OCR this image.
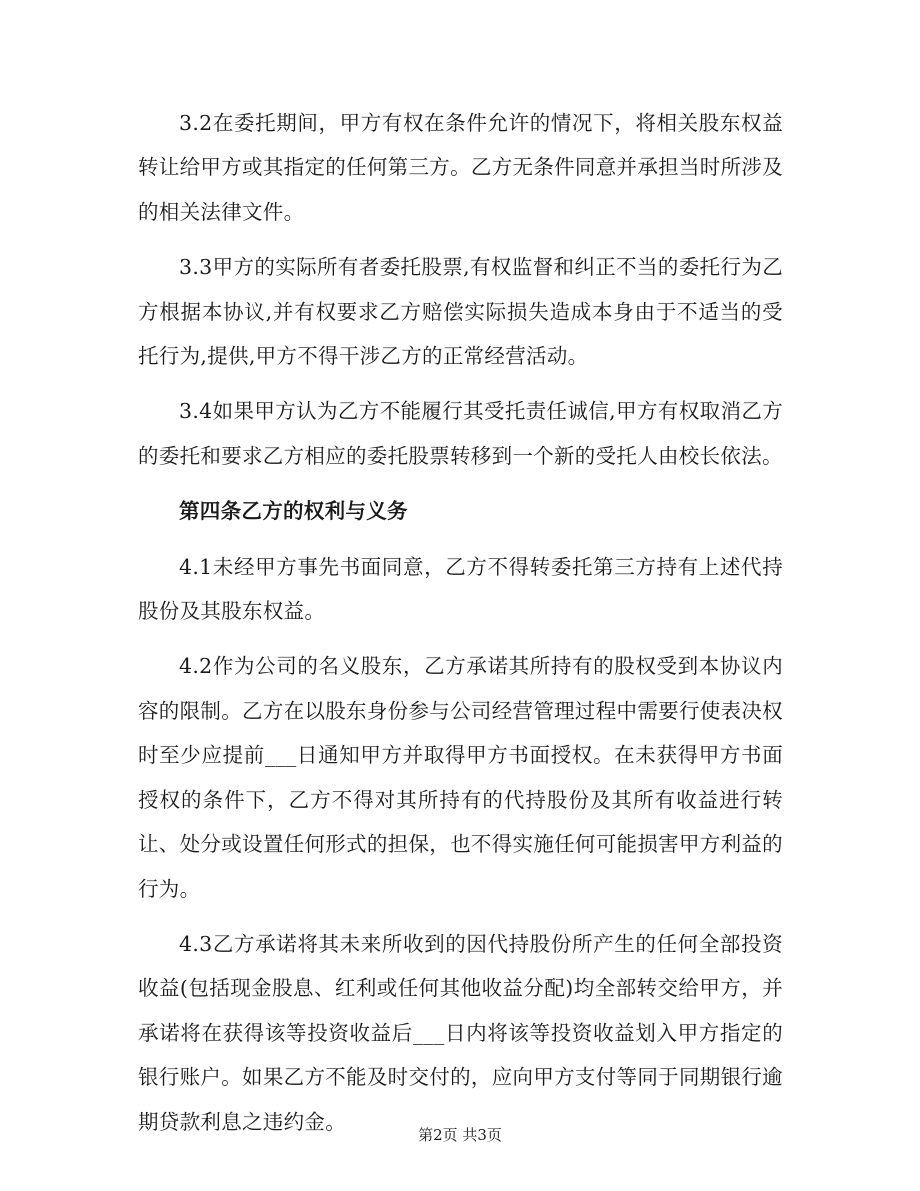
3.2在委托期间，甲方有权在条件允许的情况下，将相关股东权益转让给甲方或其指定的任何第三方。乙方无条件同意并承担当时所涉及的相关法律文件。

3.3甲方的实际所有者委托股票,有权监督和纠正不当的委托行为乙方根据本协议,并有权要求乙方赔偿实际损失造成本身由于不适当的受托行为,提供,甲方不得干涉乙方的正常经营活动。

3.4如果甲方认为乙方不能履行其受托责任诚信,甲方有权取消乙方的委托和要求乙方相应的委托股票转移到一个新的受托人由校长依法。

第四条乙方的权利与义务

4.1未经甲方事先书面同意，乙方不得转委托第三方持有上述代持股份及其股东权益。

4.2作为公司的名义股东，乙方承诺其所持有的股权受到本协议内容的限制。乙方在以股东身份参与公司经营管理过程中需要行使表决权时至少应提前___日通知甲方并取得甲方书面授权。在未获得甲方书面授权的条件下，乙方不得对其所持有的代持股份及其所有收益进行转让、处分或设置任何形式的担保，也不得实施任何可能损害甲方利益的行为。

4.3乙方承诺将其未来所收到的因代持股份所产生的任何全部投资收益(包括现金股息、红利或任何其他收益分配)均全部转交给甲方，并承诺将在获得该等投资收益后___日内将该等投资收益划入甲方指定的银行账户。如果乙方不能及时交付的，应向甲方支付等同于同期银行逾期贷款利息之违约金。

第2页 共3页
